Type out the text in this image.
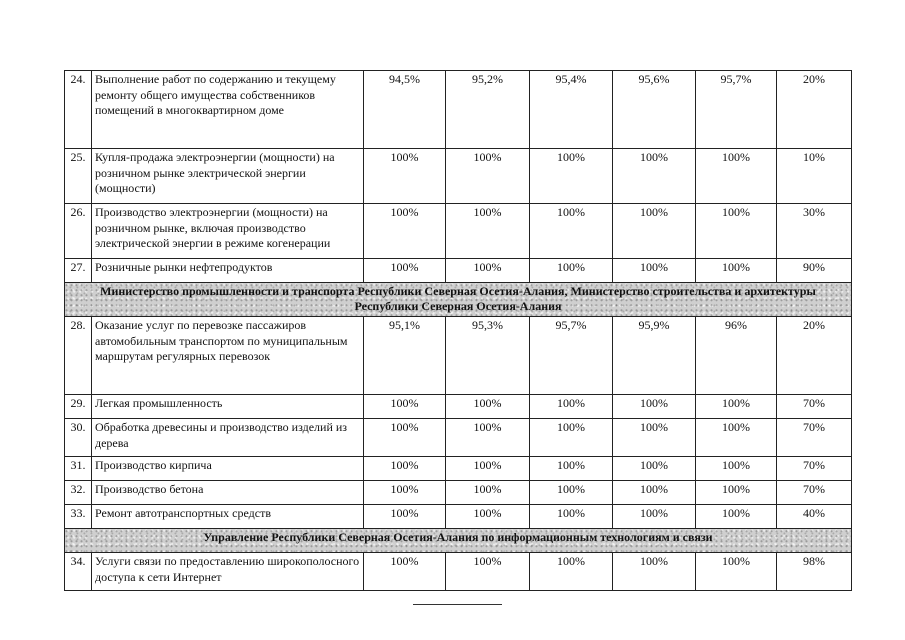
24.	Выполнение работ по содержанию и текущему ремонту общего имущества собственников помещений в многоквартирном доме	94,5%	95,2%	95,4%	95,6%	95,7%	20%
25.	Купля-продажа электроэнергии (мощности) на розничном рынке электрической энергии (мощности)	100%	100%	100%	100%	100%	10%
26.	Производство электроэнергии (мощности) на розничном рынке, включая производство электрической энергии в режиме когенерации	100%	100%	100%	100%	100%	30%
27.	Розничные рынки нефтепродуктов	100%	100%	100%	100%	100%	90%
Министерство промышленности и транспорта Республики Северная Осетия-Алания, Министерство строительства и архитектуры Республики Северная Осетия-Алания							
28.	Оказание услуг по перевозке пассажиров автомобильным транспортом по муниципальным маршрутам регулярных перевозок	95,1%	95,3%	95,7%	95,9%	96%	20%
29.	Легкая промышленность	100%	100%	100%	100%	100%	70%
30.	Обработка древесины и производство изделий из дерева	100%	100%	100%	100%	100%	70%
31.	Производство кирпича	100%	100%	100%	100%	100%	70%
32.	Производство бетона	100%	100%	100%	100%	100%	70%
33.	Ремонт автотранспортных средств	100%	100%	100%	100%	100%	40%
Управление Республики Северная Осетия-Алания по информационным технологиям и связи							
34.	Услуги связи по предоставлению широкополосного доступа к сети Интернет	100%	100%	100%	100%	100%	98%
